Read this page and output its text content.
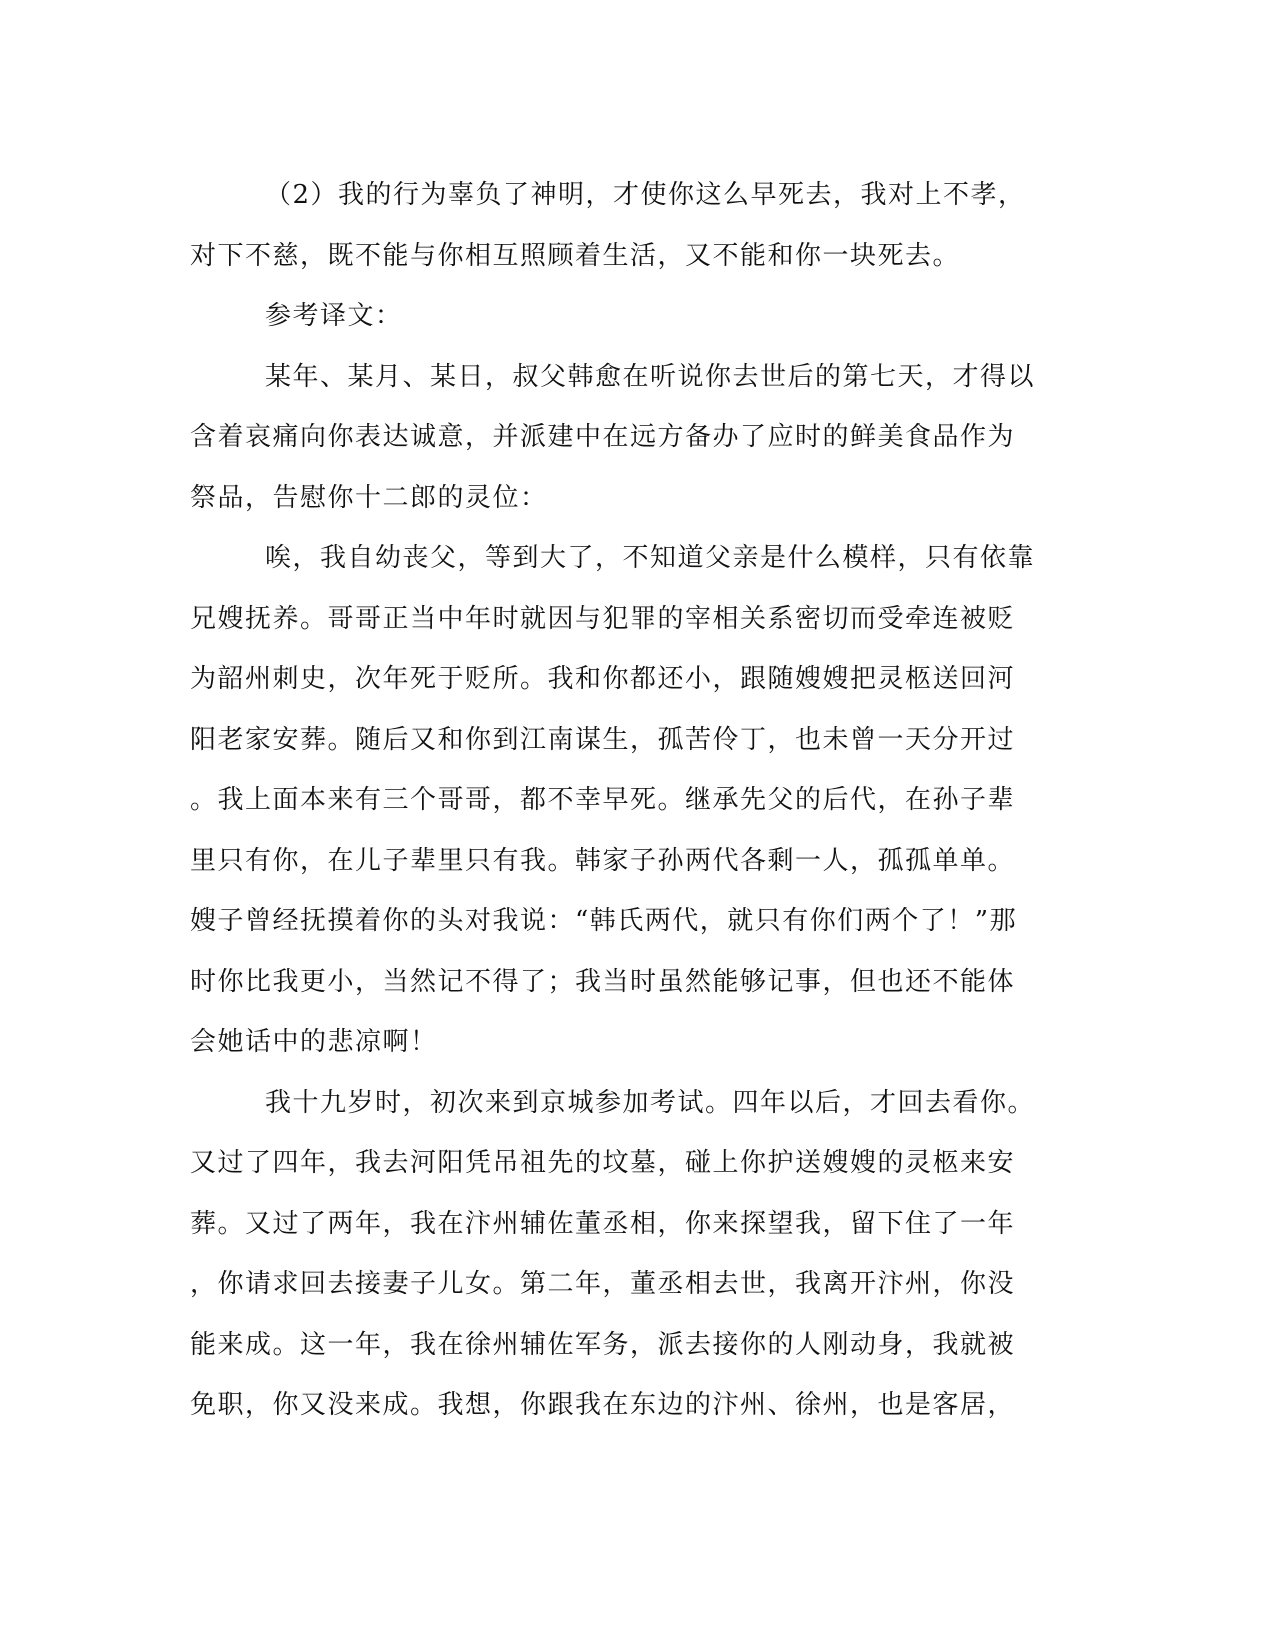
（2）我的行为辜负了神明，才使你这么早死去，我对上不孝，
对下不慈，既不能与你相互照顾着生活，又不能和你一块死去。

参考译文：

某年、某月、某日，叔父韩愈在听说你去世后的第七天，才得以
含着哀痛向你表达诚意，并派建中在远方备办了应时的鲜美食品作为
祭品，告慰你十二郎的灵位：

唉，我自幼丧父，等到大了，不知道父亲是什么模样，只有依靠
兄嫂抚养。哥哥正当中年时就因与犯罪的宰相关系密切而受牵连被贬
为韶州刺史，次年死于贬所。我和你都还小，跟随嫂嫂把灵柩送回河
阳老家安葬。随后又和你到江南谋生，孤苦伶丁，也未曾一天分开过
。我上面本来有三个哥哥，都不幸早死。继承先父的后代，在孙子辈
里只有你，在儿子辈里只有我。韩家子孙两代各剩一人，孤孤单单。
嫂子曾经抚摸着你的头对我说：“韩氏两代，就只有你们两个了！”那
时你比我更小，当然记不得了；我当时虽然能够记事，但也还不能体
会她话中的悲凉啊！

我十九岁时，初次来到京城参加考试。四年以后，才回去看你。
又过了四年，我去河阳凭吊祖先的坟墓，碰上你护送嫂嫂的灵柩来安
葬。又过了两年，我在汴州辅佐董丞相，你来探望我，留下住了一年
，你请求回去接妻子儿女。第二年，董丞相去世，我离开汴州，你没
能来成。这一年，我在徐州辅佐军务，派去接你的人刚动身，我就被
免职，你又没来成。我想，你跟我在东边的汴州、徐州，也是客居，
